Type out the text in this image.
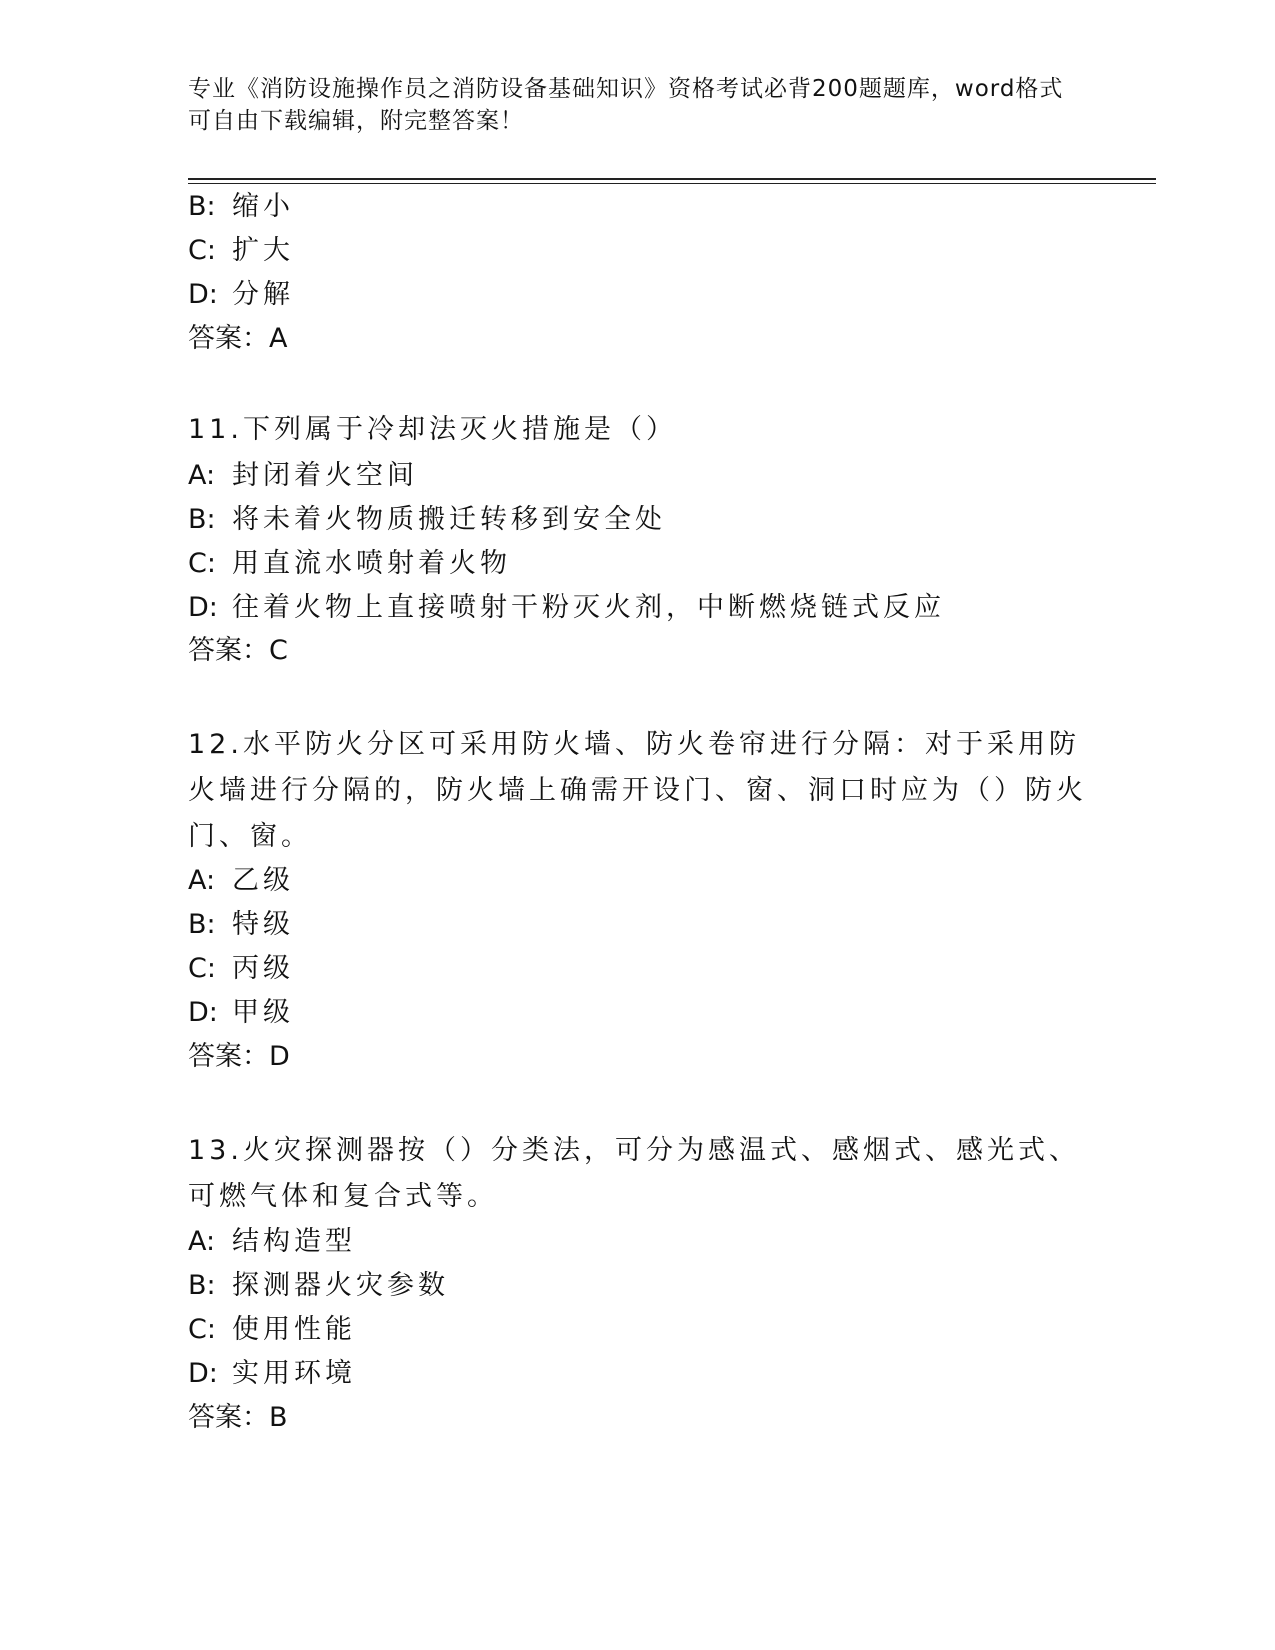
专业《消防设施操作员之消防设备基础知识》资格考试必背200题题库，word格式可自由下载编辑，附完整答案！
B: 缩小
C: 扩大
D: 分解
答案：A
11.下列属于冷却法灭火措施是（）
A: 封闭着火空间
B: 将未着火物质搬迁转移到安全处
C: 用直流水喷射着火物
D: 往着火物上直接喷射干粉灭火剂，中断燃烧链式反应
答案：C
12.水平防火分区可采用防火墙、防火卷帘进行分隔：对于采用防火墙进行分隔的，防火墙上确需开设门、窗、洞口时应为（）防火门、窗。
A: 乙级
B: 特级
C: 丙级
D: 甲级
答案：D
13.火灾探测器按（）分类法，可分为感温式、感烟式、感光式、可燃气体和复合式等。
A: 结构造型
B: 探测器火灾参数
C: 使用性能
D: 实用环境
答案：B
